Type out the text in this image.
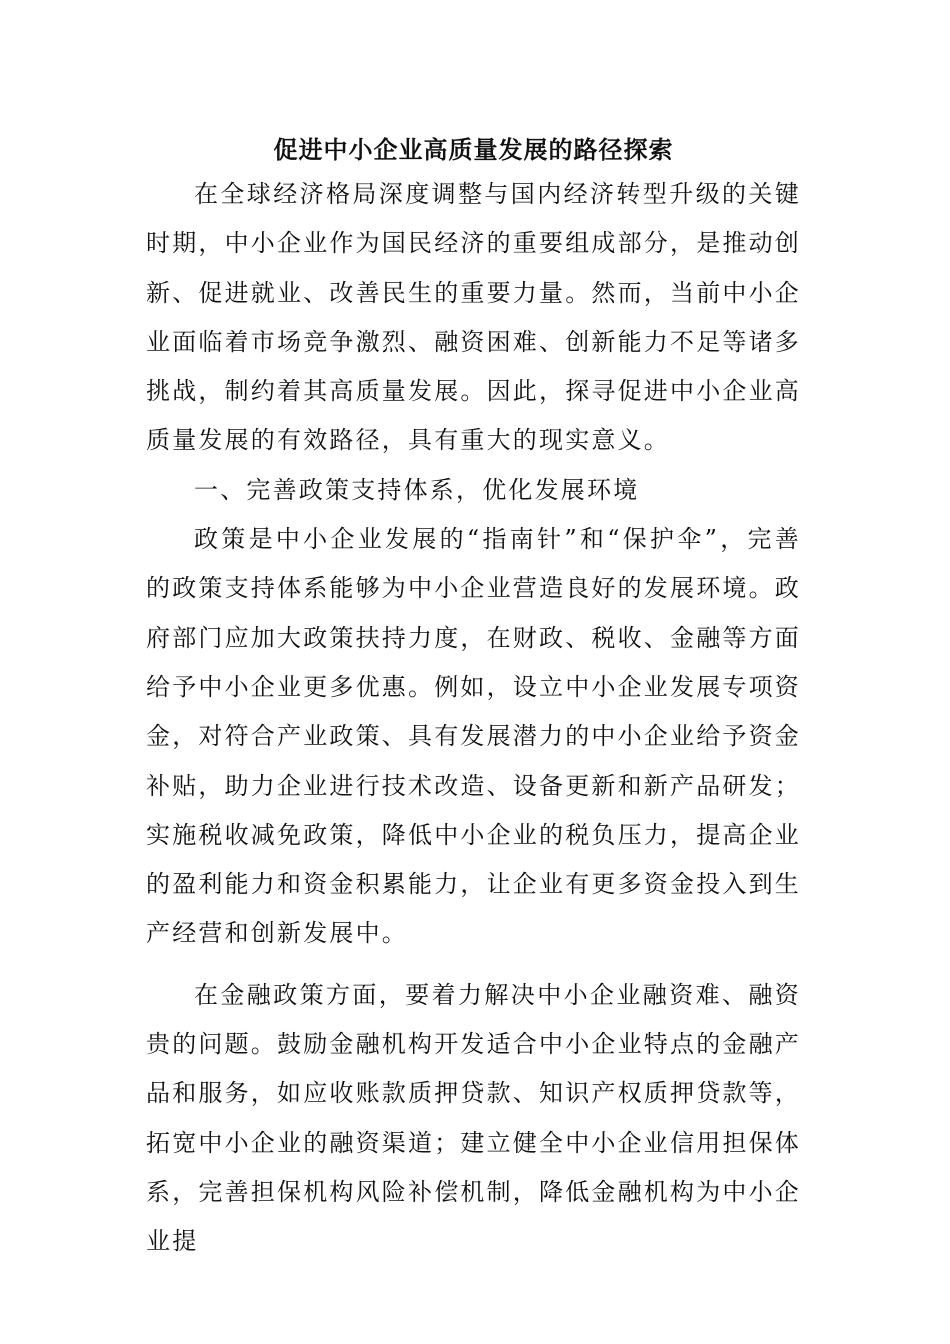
促进中小企业高质量发展的路径探索

在全球经济格局深度调整与国内经济转型升级的关键时期，中小企业作为国民经济的重要组成部分，是推动创新、促进就业、改善民生的重要力量。然而，当前中小企业面临着市场竞争激烈、融资困难、创新能力不足等诸多挑战，制约着其高质量发展。因此，探寻促进中小企业高质量发展的有效路径，具有重大的现实意义。

一、完善政策支持体系，优化发展环境

政策是中小企业发展的“指南针”和“保护伞”，完善的政策支持体系能够为中小企业营造良好的发展环境。政府部门应加大政策扶持力度，在财政、税收、金融等方面给予中小企业更多优惠。例如，设立中小企业发展专项资金，对符合产业政策、具有发展潜力的中小企业给予资金补贴，助力企业进行技术改造、设备更新和新产品研发；实施税收减免政策，降低中小企业的税负压力，提高企业的盈利能力和资金积累能力，让企业有更多资金投入到生产经营和创新发展中。

在金融政策方面，要着力解决中小企业融资难、融资贵的问题。鼓励金融机构开发适合中小企业特点的金融产品和服务，如应收账款质押贷款、知识产权质押贷款等，拓宽中小企业的融资渠道；建立健全中小企业信用担保体系，完善担保机构风险补偿机制，降低金融机构为中小企业提
